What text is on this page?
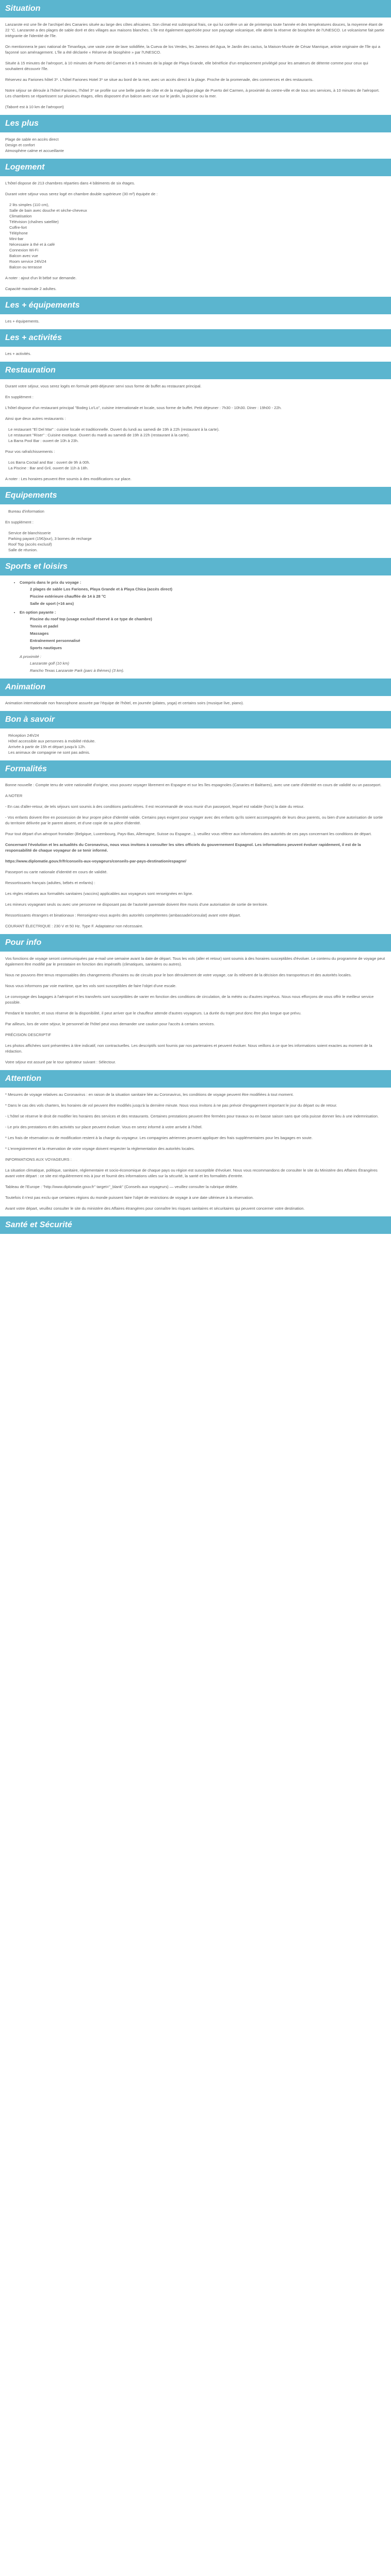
Situation

Lanzarote est une île de l'archipel des Canaries située au large des côtes africaines. Son climat est subtropical frais, ce qui lui confère un air de printemps toute l'année et des températures douces, la moyenne étant de 22 °C. Lanzarote a des plages de sable doré et des villages aux maisons blanches. L'île est également appréciée pour son paysage volcanique, elle abrite la réserve de biosphère de l'UNESCO. Le volcanisme fait partie intégrante de l'identité de l'île.

On mentionnera le parc national de Timanfaya, une vaste zone de lave solidifiée, la Cueva de los Verdes, les Jameos del Agua, le Jardin des cactus, la Maison-Musée de César Manrique, artiste originaire de l'île qui a façonné son aménagement. L'île a été déclarée « Réserve de biosphère » par l'UNESCO.

Située à 15 minutes de l'aéroport, à 10 minutes de Puerto del Carmen et à 5 minutes de la plage de Playa Grande, elle bénéficie d'un emplacement privilégié pour les amateurs de détente comme pour ceux qui souhaitent découvrir l'île.

Réservez au Fariones hôtel 3*. L'hôtel Fariones Hotel 3* se situe au bord de la mer, avec un accès direct à la plage. Proche de la promenade, des commerces et des restaurants.

Notre séjour se déroule à l'hôtel Fariones, l'hôtel 3* se profile sur une belle partie de côte et de la magnifique plage de Puerto del Carmen, à proximité du centre-ville et de tous ses services, à 10 minutes de l'aéroport. Les chambres se répartissent sur plusieurs étages, elles disposent d'un balcon avec vue sur le jardin, la piscine ou la mer.

(Taboré est à 10 km de l'aéroport)

Les plus
Plage de sable en accès direct
Design et confort
Atmosphère calme et accueillante
Logement

L'hôtel dispose de 213 chambres réparties dans 4 bâtiments de six étages.

Durant votre séjour vous serez logé en chambre double supérieure (30 m²) équipée de :

2 lits simples (110 cm),
Salle de bain avec douche et sèche-cheveux
Climatisation
Télévision (chaînes satellite)
Coffre-fort
Téléphone
Mini-bar
Nécessaire à thé et à café
Connexion Wi-Fi
Balcon avec vue
Room service 24h/24
Balcon ou terrasse

A noter : ajout d'un lit bébé sur demande.

Capacité maximale 2 adultes.

Les + équipements

Les + équipements.

Les + activités

Les + activités.

Restauration

Durant votre séjour, vous serez logés en formule petit-déjeuner servi sous forme de buffet au restaurant principal.

En supplément :

L'hôtel dispose d'un restaurant principal "Bodeg Lo'Lo", cuisine internationale et locale, sous forme de buffet. Petit déjeuner : 7h30 - 10h30. Diner : 19h00 - 22h.

Ainsi que deux autres restaurants :

Le restaurant "El Del Mar" : cuisine locale et traditionnelle. Ouvert du lundi au samedi de 19h à 22h (restaurant à la carte).
Le restaurant "Riser" : Cuisine exotique. Ouvert du mardi au samedi de 19h à 22h (restaurant à la carte).
La Barra Pool Bar : ouvert de 10h à 23h.

Pour vos rafraîchissements :

Los Barra Coctail and Bar : ouvert de 9h à 00h.
La Piscine : Bar and Gril, ouvert de 11h à 18h.

A noter : Les horaires peuvent être soumis à des modifications sur place.

Equipements
Bureau d'information

En supplément :

Service de blanchisserie
Parking payant (15€/jour), 3 bornes de recharge
Roof Top (accès exclusif)
Salle de réunion.
Sports et loisirs
• Compris dans le prix du voyage :
2 plages de sable Los Fariones, Playa Grande et à Playa Chica (accès direct)
Piscine extérieure chauffée de 14 à 28 °C
Salle de sport (+16 ans)
• En option payante :
Piscine du roof top (usage exclusif réservé à ce type de chambre)
Tennis et padel
Massages
Entraînement personnalisé
Sports nautiques
A proximité :
Lanzarote golf (10 km)
Rancho Texas Lanzarote Park (parc à thèmes) (3 km).
Animation

Animation internationale non francophone assurée par l'équipe de l'hôtel, en journée (pilates, yoga) et certains soirs (musique live, piano).

Bon à savoir
Réception 24h/24
Hôtel accessible aux personnes à mobilité réduite.
Arrivée à partir de 15h et départ jusqu'à 12h.
Les animaux de compagnie ne sont pas admis.
Formalités

Bonne nouvelle : Compte tenu de votre nationalité d'origine, vous pouvez voyager librement en Espagne et sur les îles espagnoles (Canaries et Baléares), avec une carte d'identité en cours de validité ou un passeport.

A NOTER

- En cas d'aller-retour, de tels séjours sont soumis à des conditions particulières. Il est recommandé de vous munir d'un passeport, lequel est valable (hors) la date du retour.

- Vos enfants doivent être en possession de leur propre pièce d'identité valide. Certains pays exigent pour voyager avec des enfants qu'ils soient accompagnés de leurs deux parents, ou bien d'une autorisation de sortie du territoire délivrée par le parent absent, et d'une copie de sa pièce d'identité.

Pour tout départ d'un aéroport frontalier (Belgique, Luxembourg, Pays-Bas, Allemagne, Suisse ou Espagne...), veuillez vous référer aux informations des autorités de ces pays concernant les conditions de départ.

Concernant l'évolution et les actualités du Coronavirus, nous vous invitons à consulter les sites officiels du gouvernement Espagnol. Les informations peuvent évoluer rapidement, il est de la responsabilité de chaque voyageur de se tenir informé.

https://www.diplomatie.gouv.fr/fr/conseils-aux-voyageurs/conseils-par-pays-destination/espagne/

Passeport ou carte nationale d'identité en cours de validité.

Ressortissants français (adultes, bébés et enfants) :

Les règles relatives aux formalités sanitaires (vaccins) applicables aux voyageurs sont renseignées en ligne.

Les mineurs voyageant seuls ou avec une personne ne disposant pas de l'autorité parentale doivent être munis d'une autorisation de sortie de territoire.

Ressortissants étrangers et binationaux : Renseignez-vous auprès des autorités compétentes (ambassade/consulat) avant votre départ.

COURANT ÉLECTRIQUE : 230 V et 50 Hz. Type F. Adaptateur non nécessaire.

Pour info

Vos fonctions de voyage seront communiquées par e-mail une semaine avant la date de départ. Tous les vols (aller et retour) sont soumis à des horaires susceptibles d'évoluer. Le contenu du programme de voyage peut également être modifié par le prestataire en fonction des impératifs (climatiques, sanitaires ou autres).

Nous ne pouvons être tenus responsables des changements d'horaires ou de circuits pour le bon déroulement de votre voyage, car ils relèvent de la décision des transporteurs et des autorités locales.

Nous vous informons par voie maritime, que les vols sont susceptibles de faire l'objet d'une escale.

Le convoyage des bagages à l'aéroport et les transferts sont susceptibles de varier en fonction des conditions de circulation, de la météo ou d'autres imprévus. Nous nous efforçons de vous offrir le meilleur service possible.

Pendant le transfert, et sous réserve de la disponibilité, il peut arriver que le chauffeur attende d'autres voyageurs. La durée du trajet peut donc être plus longue que prévu.

Par ailleurs, lors de votre séjour, le personnel de l'hôtel peut vous demander une caution pour l'accès à certains services.

PRÉCISION DESCRIPTIF

Les photos affichées sont présentées à titre indicatif, non contractuelles. Les descriptifs sont fournis par nos partenaires et peuvent évoluer. Nous veillons à ce que les informations soient exactes au moment de la rédaction.

Votre séjour est assuré par le tour opérateur suivant : Sélectour.

Attention

* Mesures de voyage relatives au Coronavirus : en raison de la situation sanitaire liée au Coronavirus, les conditions de voyage peuvent être modifiées à tout moment.

* Dans le cas des vols charters, les horaires de vol peuvent être modifiés jusqu'à la dernière minute. Nous vous invitons à ne pas prévoir d'engagement important le jour du départ ou de retour.

- L'hôtel se réserve le droit de modifier les horaires des services et des restaurants. Certaines prestations peuvent être fermées pour travaux ou en basse saison sans que cela puisse donner lieu à une indemnisation.

- Le prix des prestations et des activités sur place peuvent évoluer. Vous en serez informé à votre arrivée à l'hôtel.

* Les frais de réservation ou de modification restent à la charge du voyageur. Les compagnies aériennes peuvent appliquer des frais supplémentaires pour les bagages en soute.

* L'enregistrement et la réservation de votre voyage doivent respecter la réglementation des autorités locales.

INFORMATIONS AUX VOYAGEURS :

La situation climatique, politique, sanitaire, réglementaire et socio-économique de chaque pays ou région est susceptible d'évoluer. Nous vous recommandons de consulter le site du Ministère des Affaires Étrangères avant votre départ : ce site est régulièrement mis à jour et fournit des informations utiles sur la sécurité, la santé et les formalités d'entrée.

Tableau de l'Europe : "http://www.diplomatie.gouv.fr" target="_blank" (Conseils aux voyageurs) — veuillez consulter la rubrique dédiée.

Toutefois il n'est pas exclu que certaines régions du monde puissent faire l'objet de restrictions de voyage à une date ultérieure à la réservation.

Avant votre départ, veuillez consulter le site du ministère des Affaires étrangères pour connaître les risques sanitaires et sécuritaires qui peuvent concerner votre destination.

Santé et Sécurité
